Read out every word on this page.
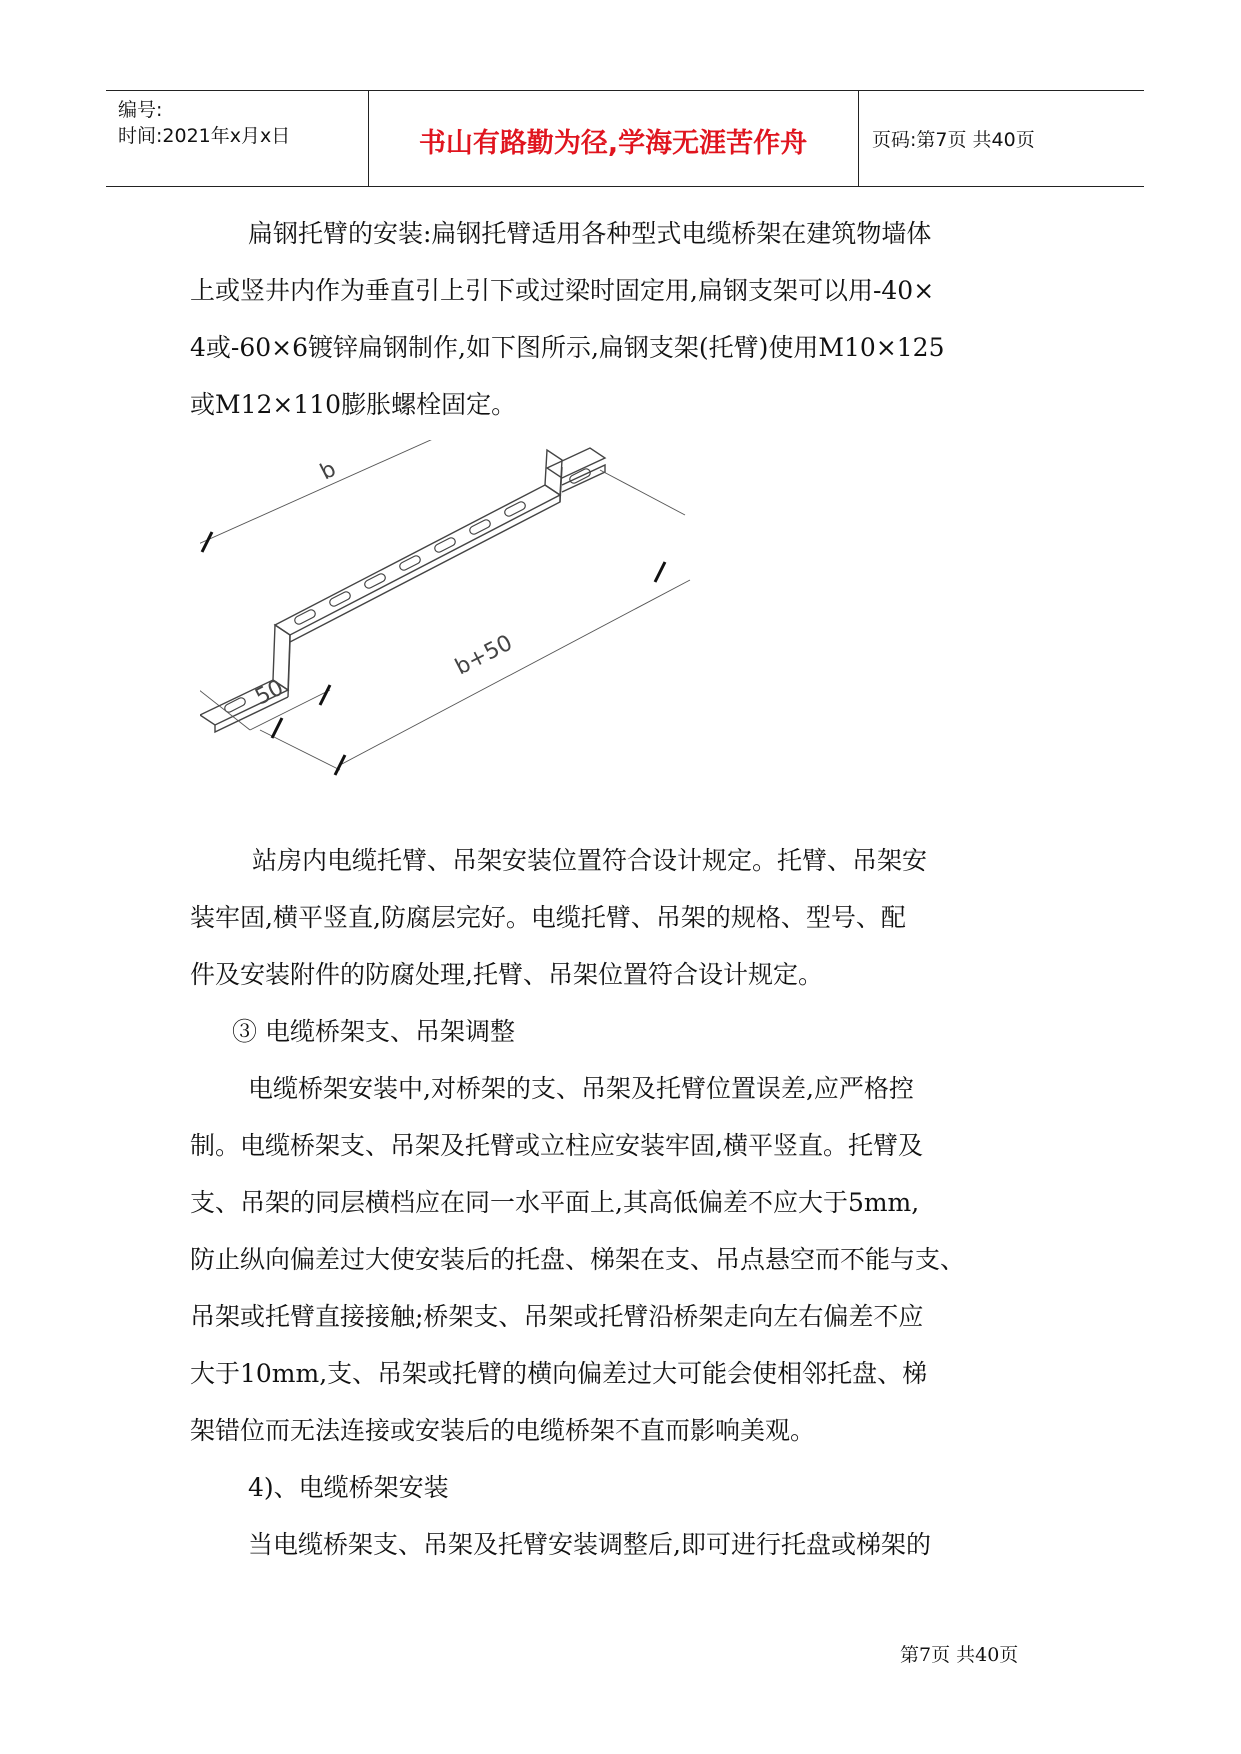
编号:
时间:2021年x月x日	书山有路勤为径,学海无涯苦作舟	页码:第7页 共40页
扁钢托臂的安装:扁钢托臂适用各种型式电缆桥架在建筑物墙体
上或竖井内作为垂直引上引下或过梁时固定用,扁钢支架可以用-40×
4或-60×6镀锌扁钢制作,如下图所示,扁钢支架(托臂)使用M10×125
或M12×110膨胀螺栓固定。
b
b+50
50
站房内电缆托臂、吊架安装位置符合设计规定。托臂、吊架安
装牢固,横平竖直,防腐层完好。电缆托臂、吊架的规格、型号、配
件及安装附件的防腐处理,托臂、吊架位置符合设计规定。
③ 电缆桥架支、吊架调整
电缆桥架安装中,对桥架的支、吊架及托臂位置误差,应严格控
制。电缆桥架支、吊架及托臂或立柱应安装牢固,横平竖直。托臂及
支、吊架的同层横档应在同一水平面上,其高低偏差不应大于5mm,
防止纵向偏差过大使安装后的托盘、梯架在支、吊点悬空而不能与支、
吊架或托臂直接接触;桥架支、吊架或托臂沿桥架走向左右偏差不应
大于10mm,支、吊架或托臂的横向偏差过大可能会使相邻托盘、梯
架错位而无法连接或安装后的电缆桥架不直而影响美观。
4)、电缆桥架安装
当电缆桥架支、吊架及托臂安装调整后,即可进行托盘或梯架的
第7页 共40页
